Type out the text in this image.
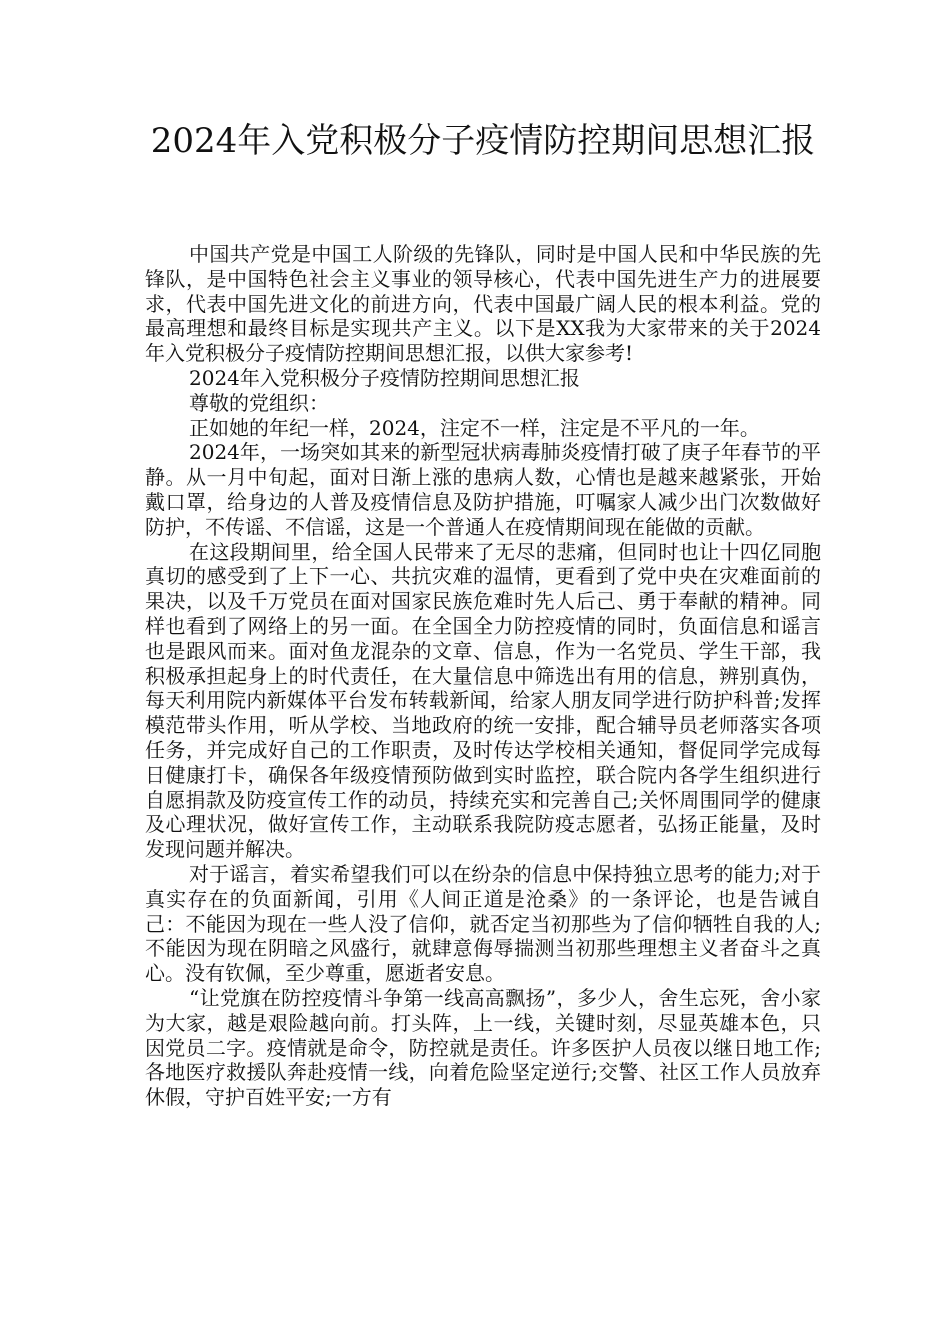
2024年入党积极分子疫情防控期间思想汇报

中国共产党是中国工人阶级的先锋队，同时是中国人民和中华民族的先锋队，是中国特色社会主义事业的领导核心，代表中国先进生产力的进展要求，代表中国先进文化的前进方向，代表中国最广阔人民的根本利益。党的最高理想和最终目标是实现共产主义。以下是XX我为大家带来的关于2024年入党积极分子疫情防控期间思想汇报，以供大家参考!

2024年入党积极分子疫情防控期间思想汇报

尊敬的党组织：

正如她的年纪一样，2024，注定不一样，注定是不平凡的一年。

2024年，一场突如其来的新型冠状病毒肺炎疫情打破了庚子年春节的平静。从一月中旬起，面对日渐上涨的患病人数，心情也是越来越紧张，开始戴口罩，给身边的人普及疫情信息及防护措施，叮嘱家人减少出门次数做好防护，不传谣、不信谣，这是一个普通人在疫情期间现在能做的贡献。

在这段期间里，给全国人民带来了无尽的悲痛，但同时也让十四亿同胞真切的感受到了上下一心、共抗灾难的温情，更看到了党中央在灾难面前的果决，以及千万党员在面对国家民族危难时先人后己、勇于奉献的精神。同样也看到了网络上的另一面。在全国全力防控疫情的同时，负面信息和谣言也是跟风而来。面对鱼龙混杂的文章、信息，作为一名党员、学生干部，我积极承担起身上的时代责任，在大量信息中筛选出有用的信息，辨别真伪，每天利用院内新媒体平台发布转载新闻，给家人朋友同学进行防护科普;发挥模范带头作用，听从学校、当地政府的统一安排，配合辅导员老师落实各项任务，并完成好自己的工作职责，及时传达学校相关通知，督促同学完成每日健康打卡，确保各年级疫情预防做到实时监控，联合院内各学生组织进行自愿捐款及防疫宣传工作的动员，持续充实和完善自己;关怀周围同学的健康及心理状况，做好宣传工作，主动联系我院防疫志愿者，弘扬正能量，及时发现问题并解决。

对于谣言，着实希望我们可以在纷杂的信息中保持独立思考的能力;对于真实存在的负面新闻，引用《人间正道是沧桑》的一条评论，也是告诫自己：不能因为现在一些人没了信仰，就否定当初那些为了信仰牺牲自我的人;不能因为现在阴暗之风盛行，就肆意侮辱揣测当初那些理想主义者奋斗之真心。没有钦佩，至少尊重，愿逝者安息。

“让党旗在防控疫情斗争第一线高高飘扬”，多少人，舍生忘死，舍小家为大家，越是艰险越向前。打头阵，上一线，关键时刻，尽显英雄本色，只因党员二字。疫情就是命令，防控就是责任。许多医护人员夜以继日地工作;各地医疗救援队奔赴疫情一线，向着危险坚定逆行;交警、社区工作人员放弃休假，守护百姓平安;一方有
